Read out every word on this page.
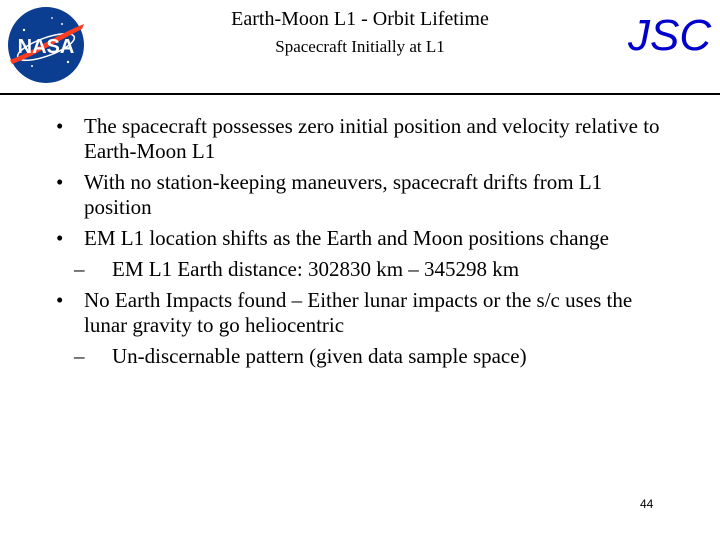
NASA
Earth-Moon L1 - Orbit Lifetime
Spacecraft Initially at L1	JSC
• The spacecraft possesses zero initial position and velocity relative to Earth-Moon L1
• With no station-keeping maneuvers, spacecraft drifts from L1 position
• EM L1 location shifts as the Earth and Moon positions change
– EM L1 Earth distance: 302830 km – 345298 km
• No Earth Impacts found – Either lunar impacts or the s/c uses the lunar gravity to go heliocentric
– Un-discernable pattern (given data sample space)
44
